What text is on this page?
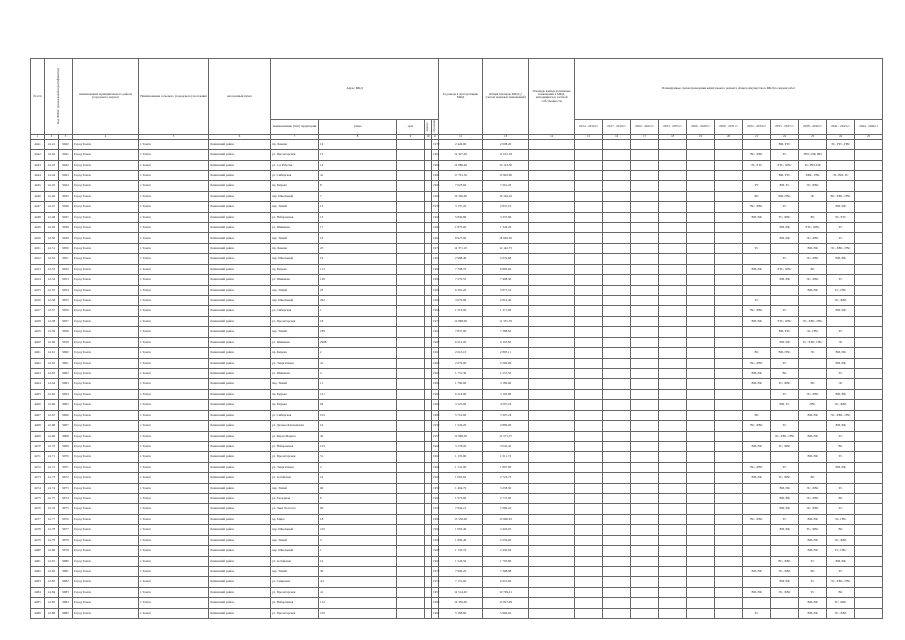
№ п/п	Код ФИАС (уникальный идентификатор)		наименование муниципального района (городского округа)	Наименование сельского (городского) поселения	населенный пункт	Адрес МКД					Год ввода в эксплуатацию МКД	Общая площадь МКД (с учетом нежилых помещений)	Площадь жилых и нежилых помещений в МКД, находящихся в частной собственности	Планируемые сроки проведения капитального ремонта общего имущества в МКД по видам работ										
						наименование (тип) территории	улица	дом	корпус	строение				2014 - 2016 гг	2017 - 2019 гг	2020 - 2022 гг	2023 - 2025 гг	2026 - 2028 гг	2029 - 2031 гг	2032 - 2034 гг	2035 - 2037 гг	2038 - 2040 гг	2041 - 2043 гг	2044 - 2046 гг
1	2	3	4	5	6	7	8	9	10	11	12	13	14	15	16	17	18	19	20	21	22	23	24	25
4441	41.41	9940	Город Томск	г. Томск	Ленинский район	пр. Ленина	12			1970	2 442,90	2 008,20									ВИ, РТС		ЭС, РТС, ГВС	
4442	41.42	9941	Город Томск	г. Томск	Ленинский район	ул. Пролетарская	15			1961	12 327,20	11 012,18								ВС, ХВС	ТС	ГВС, РФ, ВИ		
4443	41.43	9942	Город Томск	г. Томск	Ленинский район	ул. 1-я Рабочая	14			1966	12 080,40	10 123,50								ЭС, РТС	РТС, ХВС	ТС, ВИ, РФ		
4444	41.44	9943	Город Томск	г. Томск	Ленинский район	ул. Сибирская	41			1962	17 791,50	15 902,90									ВИ, РТС	ХВС, ГВС	ЭС, ВИ, ТС	
4445	41.45	9944	Город Томск	г. Томск	Ленинский район	пр. Кирова	8			1963	7 023,60	7 261,20								РТ	ВИ, ТС	ЭС, ХВС		
4446	41.46	9945	Город Томск	г. Томск	Ленинский район	пер. Школьный	7			1963	10 196,60	16 164,10								ВС	ВИ, ГВС	ЭС	ВС, ХВС, ГВС	
4447	41.47	9946	Город Томск	г. Томск	Ленинский район	пер. Тихий	12			1959	3 137,20	2 837,10								ВС, ХВС	ТС		ВИ, РФ	
4448	41.48	9947	Город Томск	г. Томск	Ленинский район	ул. Набережная	13			1965	5 840,80	5 337,80								ВИ, РФ	ТС, ХВС	ВС	ЭС, РТС	
4449	41.49	9948	Город Томск	г. Томск	Ленинский район	ул. Шишкова	17			1960	1 875,60	1 342,20									ВИ, РФ	РТС, ХВС	ТС	
4450	41.50	9949	Город Томск	г. Томск	Ленинский район	пер. Тихий	10			1961	8 027,90	18 094,50									ВИ, РФ	ЭС, ХВС	ТС	
4451	41.51	9950	Город Томск	г. Томск	Ленинский район	пр. Ленина	23			1971	14 371,10	12 142,75								ТС		ВИ, РФ	ЭС, ХВС, ГВС	
4452	41.52	9951	Город Томск	г. Томск	Ленинский район	пер. Школьный	10			1961	2 988,40	2 670,68									ТС	ЭС, ХВС	ВИ, РФ	
4453	41.53	9952	Город Томск	г. Томск	Ленинский район	пр. Кирова	113			1964	7 798,70	6 882,66								ВИ, РФ	РТС, ХВС	ВС		
4454	41.54	9953	Город Томск	г. Томск	Ленинский район	ул. Шишкова	128			1964	7 270,55	7 498,30									ВИ, РФ	ЭС, ХВС	ТС	
4455	41.55	9954	Город Томск	г. Томск	Ленинский район	пер. Тихий	23			1964	6 391,20	5 871,16										ВИ, РФ	ТС, ГВС	
4456	41.56	9955	Город Томск	г. Томск	Ленинский район	пер. Школьный	262			1963	3 076,80	2 810,40								ТС			ЭС, ХВС	
4457	41.57	9956	Город Томск	г. Томск	Ленинский район	ул. Сибирская	1			1966	1 510,90	1 371,90								ВС, ХВС	ТС		ВИ, РФ	
4458	41.58	9957	Город Томск	г. Томск	Ленинский район	ул. Пролетарская	18			1972	12 868,00	11 351,79								ВИ, РФ	РТС, ХВС	ЭС, ХВС, ГВС		
4459	41.59	9958	Город Томск	г. Томск	Ленинский район	пер. Тихий	189			1961	7 837,00	7 288,62									ВИ, РТС	ЭС, ГВС	ТС	
4460	41.60	9959	Город Томск	г. Томск	Ленинский район	ул. Шишкова	2908			1960	6 512,00	6 110,82									ВИ, РФ	ТС, ХВС, ГВС	ЭС	
4461	41.61	9960	Город Томск	г. Томск	Ленинский район	пр. Кирова	2			1961	2 610,10	2 895,11								ВС	ВИ, ГВС	ЭС	ВИ, РФ	
4462	41.62	9961	Город Томск	г. Томск	Ленинский район	ул. Энергетиков	41			1963	2 079,00	2 209,09								ВС, ХВС	ТС		ВИ, РФ	
4463	41.63	9962	Город Томск	г. Томск	Ленинский район	ул. Шишкова	2			1963	1 731,39	1 557,50								ВИ, РФ	ВС		ТС	
4464	41.64	9963	Город Томск	г. Томск	Ленинский район	пер. Тихий	11			1964	1 790,90	3 180,60								ВИ, РФ	ТС, ХВС	ВС	ЭС	
4465	41.65	9964	Город Томск	г. Томск	Ленинский район	пр. Кирова	121			1965	6 216,90	5 192,86									ТС	ЭС, ХВС	ВИ, РФ	
4466	41.66	9965	Город Томск	г. Томск	Ленинский район	пр. Кирова	94			1963	3 125,60	4 597,24									ВИ, ТС	ГВС	ЭС, ХВС	
4467	41.67	9966	Город Томск	г. Томск	Ленинский район	ул. Сибирская	103			1969	5 716,60	5 397,24								ВС		ВИ, РФ	ЭС, ХВС, ГВС	
4468	41.68	9967	Город Томск	г. Томск	Ленинский район	ул. Дальне-Ключевская	16			1959	1 526,20	2 899,00								ВС, ХВС	ТС		ВИ, РФ	
4469	41.69	9968	Город Томск	г. Томск	Ленинский район	ул. Карла Маркса	43			1957	12 898,50	12 571,37									ЭС, ХВС, ГВС	ВИ, РФ	ТС	
4470	41.70	9969	Город Томск	г. Томск	Ленинский район	ул. Набережная	125			1964	3 178,00	3 042,42								ВИ, РФ	ТС, ХВС		ВС	
4471	41.71	9970	Город Томск	г. Томск	Ленинский район	ул. Пролетарская	51			1962	1 135,90	1 011,72										ВИ, РФ	ТС	
4472	41.72	9971	Город Томск	г. Томск	Ленинский район	ул. Энергетиков	2			1964	1 741,00	1 897,90								ВС, ХВС	ТС		ВИ, РФ	
4473	41.73	9972	Город Томск	г. Томск	Ленинский район	ул. Алтайская	16			1963	1 093,62	2 722,73								ВИ, РФ	ТС, ХВС	ВС		
4474	41.74	9973	Город Томск	г. Томск	Ленинский район	пер. Тихий	60			1959	1 494,70	3 258,50									ВИ, РФ	ЭС, ХВС	ТС	
4475	41.75	9974	Город Томск	г. Томск	Ленинский район	ул. Заозерная	8			1965	1 573,60	2 737,00									ВИ, РФ	ЭС, ХВС	ВС	
4476	41.76	9975	Город Томск	г. Томск	Ленинский район	ул. Льва Толстого	60			1959	7 844,21	7 086,22									ВИ, РФ	ЭС, ХВС	ТС	
4477	41.77	9976	Город Томск	г. Томск	Ленинский район	пр. Мира	18			1964	15 536,00	13 860,65								ВС, ХВС	ТС	ВИ, РФ	ЭС, ГВС	
4478	41.78	9977	Город Томск	г. Томск	Ленинский район	пер. Школьный	210			1964	1 093,40	2 420,65									ВИ, РФ	ТС, ХВС	ВС	
4479	41.79	9978	Город Томск	г. Томск	Ленинский район	пер. Тихий	2			1964	1 800,40	2 256,60										ВИ, РФ	ЭС, ХВС	
4480	41.80	9979	Город Томск	г. Томск	Ленинский район	пер. Школьный	1			1960	1 135,70	2 450,94										ВИ, РФ	ТС, ГВС	
4481	41.81	9980	Город Томск	г. Томск	Ленинский район	ул. Алтайская	16			1964	1 543,50	1 793,80									ВС, ХВС	ТС	ВИ, РФ	
4482	41.82	9981	Город Томск	г. Томск	Ленинский район	пер. Тихий	49			1978	7 990,20	7 268,08								ВИ, РФ	ЭС, ХВС	ВС	ТС	
4483	41.83	9982	Город Томск	г. Томск	Ленинский район	ул. Смирнова	4/1			1976	7 131,60	6 910,90									ВИ, РФ	ТС	ЭС, ХВС, ГВС	
4484	41.84	9983	Город Томск	г. Томск	Ленинский район	ул. Пролетарская	41			1957	12 514,20	10 769,21								ВИ, РФ	ЭС, ХВС	ТС	ВС	
4485	41.85	9984	Город Томск	г. Томск	Ленинский район	ул. Набережная	112			1968	14 356,90	13 827,09										ВИ, РФ	ТС, ХВС	
4486	41.86	9985	Город Томск	г. Томск	Ленинский район	ул. Пролетарская	156			1964	5 198,80	5 966,92								ТС		ВИ, РФ	ЭС, ХВС	
